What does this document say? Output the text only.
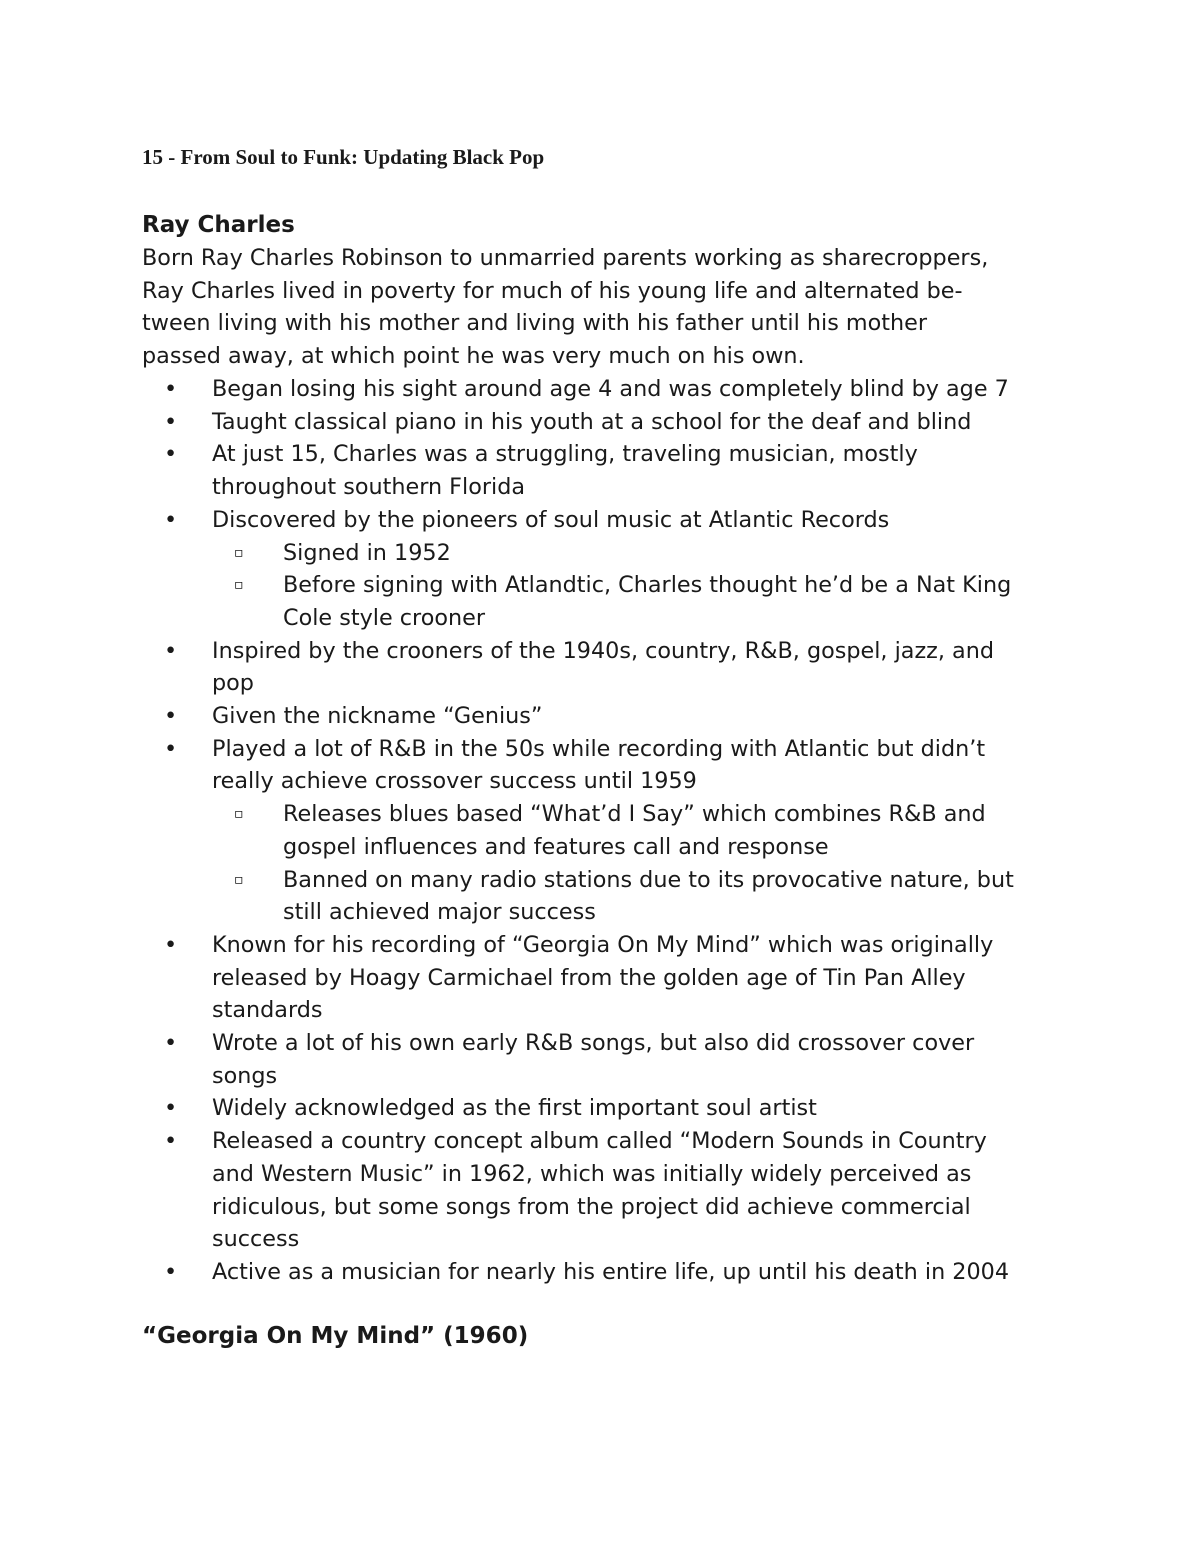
15 - From Soul to Funk: Updating Black Pop
Ray Charles
Born Ray Charles Robinson to unmarried parents working as sharecroppers,
Ray Charles lived in poverty for much of his young life and alternated be-
tween living with his mother and living with his father until his mother
passed away, at which point he was very much on his own.
•	Began losing his sight around age 4 and was completely blind by age 7
•	Taught classical piano in his youth at a school for the deaf and blind
•	At just 15, Charles was a struggling, traveling musician, mostly
throughout southern Florida
•	Discovered by the pioneers of soul music at Atlantic Records
▫	Signed in 1952
▫	Before signing with Atlandtic, Charles thought he’d be a Nat King
Cole style crooner
•	Inspired by the crooners of the 1940s, country, R&B, gospel, jazz, and
pop
•	Given the nickname “Genius”
•	Played a lot of R&B in the 50s while recording with Atlantic but didn’t
really achieve crossover success until 1959
▫	Releases blues based “What’d I Say” which combines R&B and
gospel influences and features call and response
▫	Banned on many radio stations due to its provocative nature, but
still achieved major success
•	Known for his recording of “Georgia On My Mind” which was originally
released by Hoagy Carmichael from the golden age of Tin Pan Alley
standards
•	Wrote a lot of his own early R&B songs, but also did crossover cover
songs
•	Widely acknowledged as the first important soul artist
•	Released a country concept album called “Modern Sounds in Country
and Western Music” in 1962, which was initially widely perceived as
ridiculous, but some songs from the project did achieve commercial
success
•	Active as a musician for nearly his entire life, up until his death in 2004
“Georgia On My Mind” (1960)
